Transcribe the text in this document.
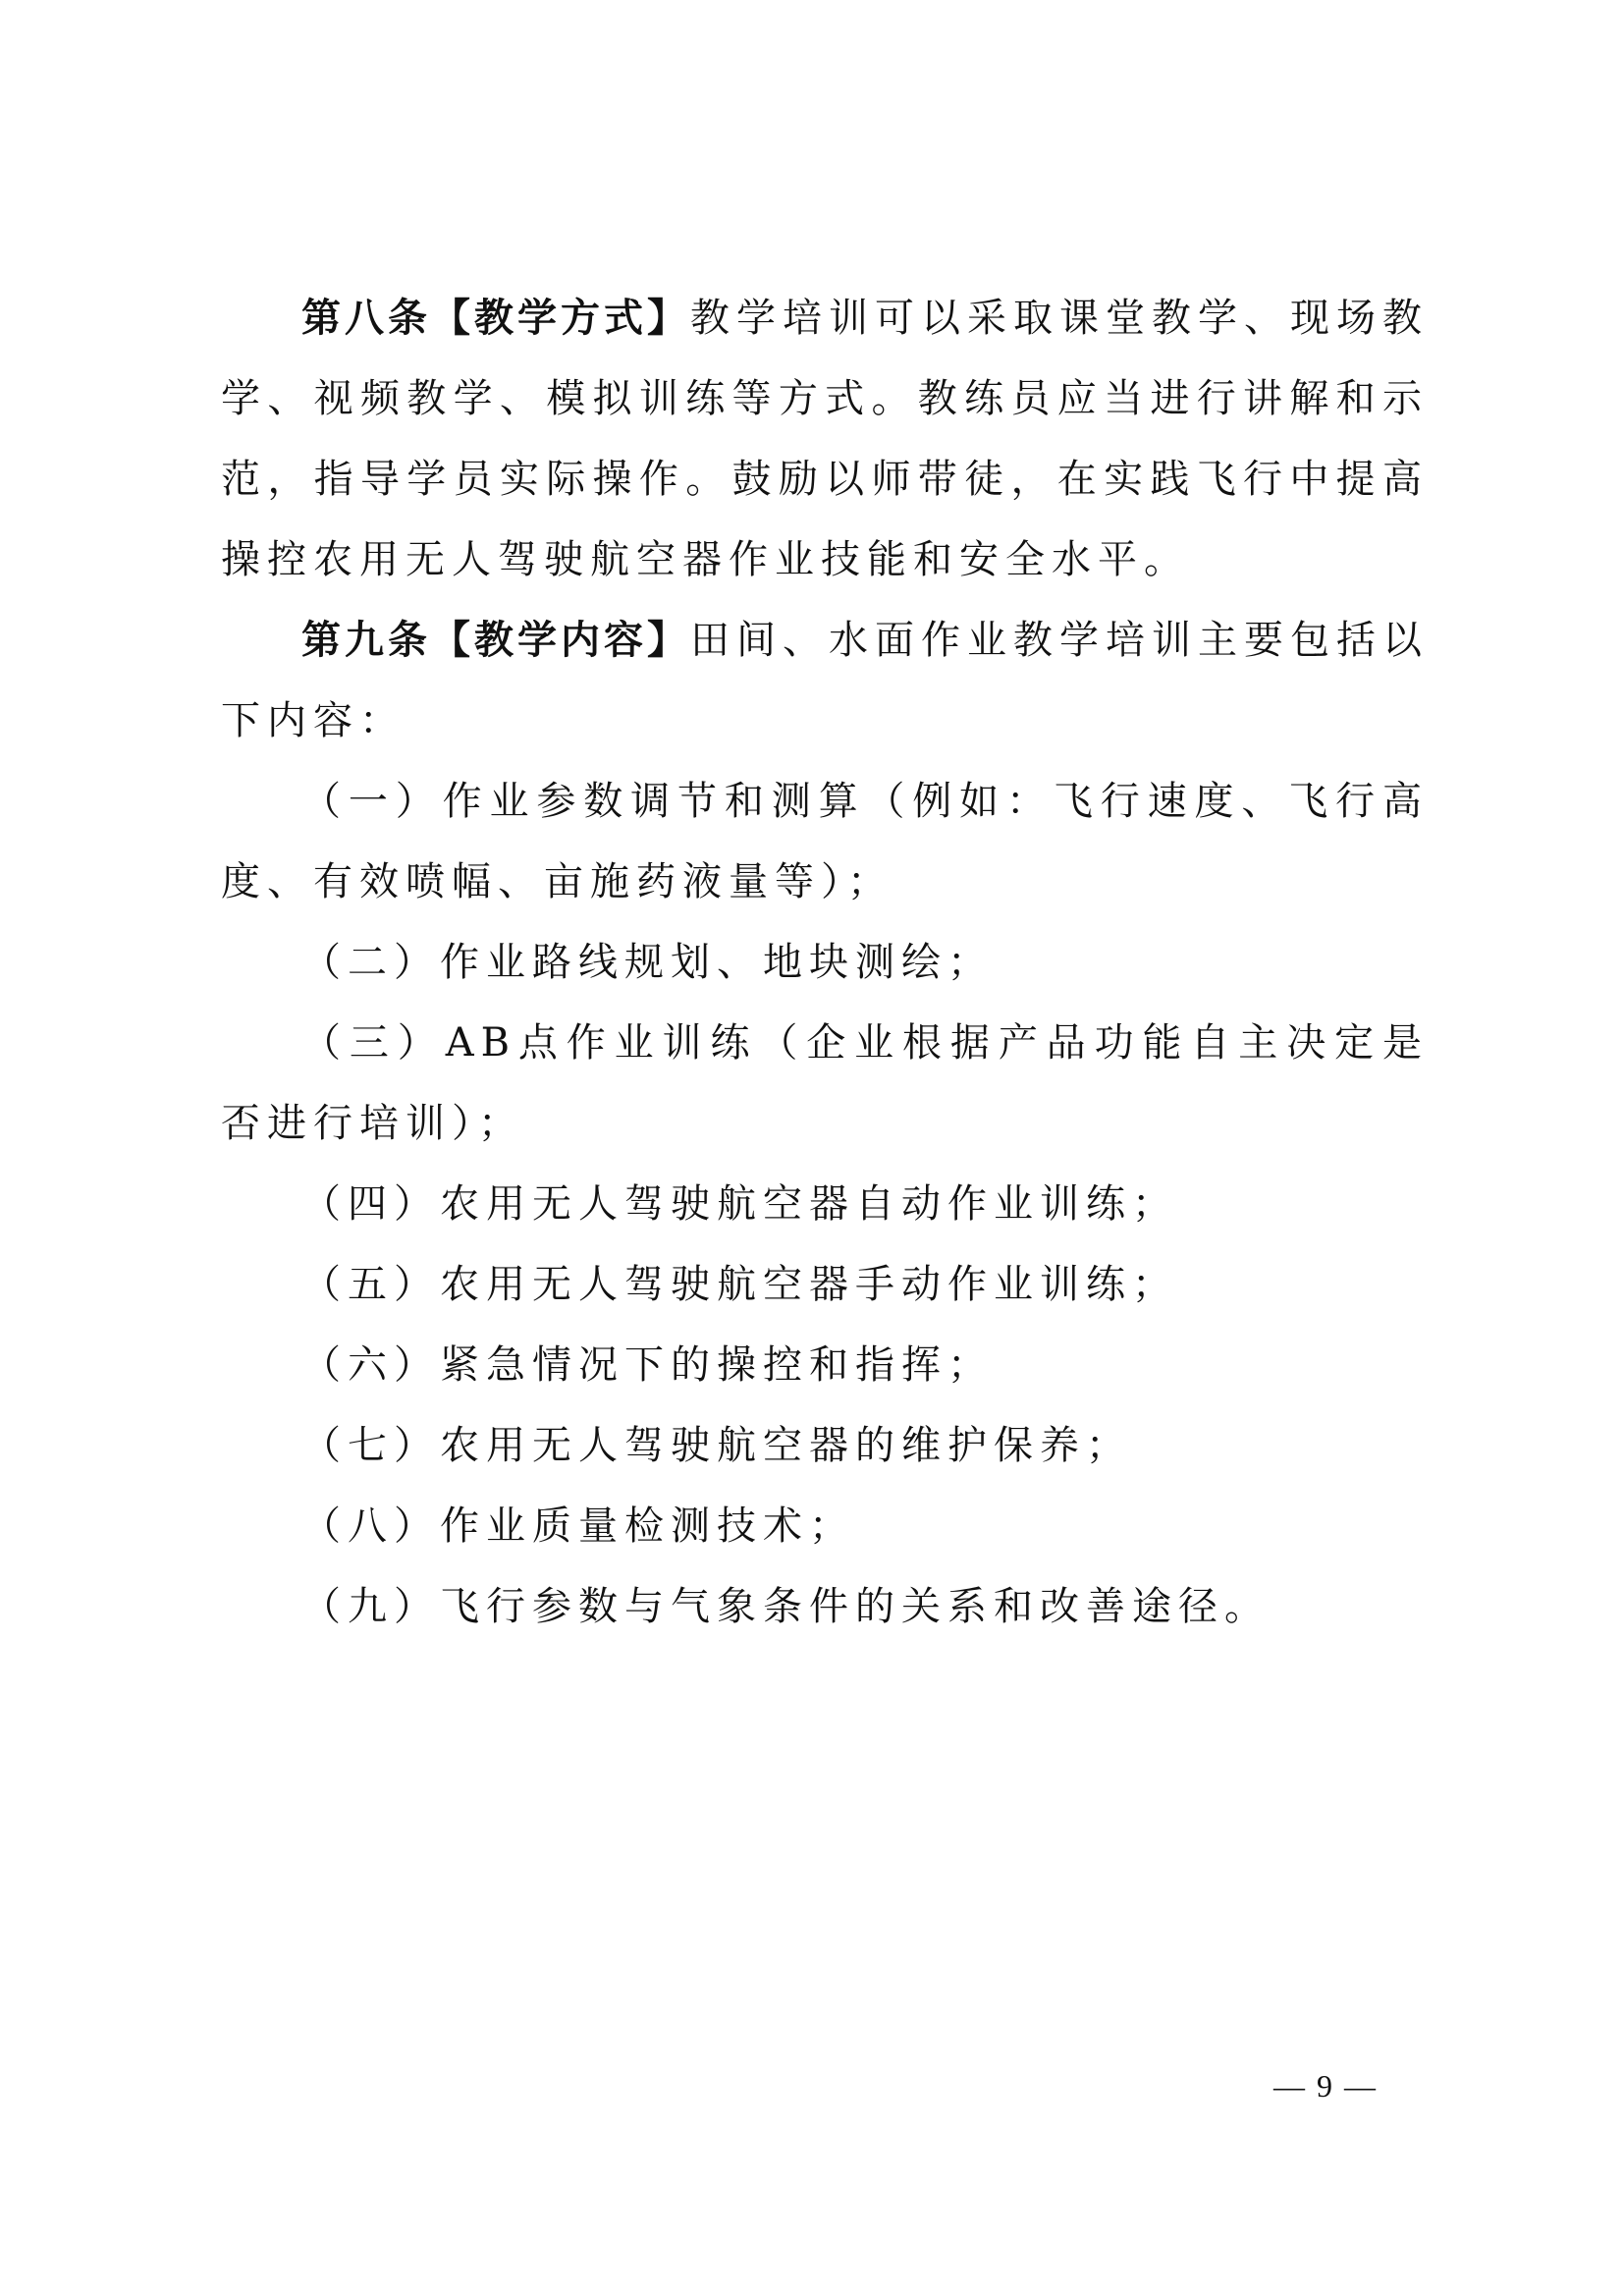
第八条【教学方式】教学培训可以采取课堂教学、现场教学、视频教学、模拟训练等方式。教练员应当进行讲解和示范，指导学员实际操作。鼓励以师带徒，在实践飞行中提高操控农用无人驾驶航空器作业技能和安全水平。

第九条【教学内容】田间、水面作业教学培训主要包括以下内容：

（一）作业参数调节和测算（例如：飞行速度、飞行高度、有效喷幅、亩施药液量等）；

（二）作业路线规划、地块测绘；

（三）AB点作业训练（企业根据产品功能自主决定是否进行培训）；

（四）农用无人驾驶航空器自动作业训练；

（五）农用无人驾驶航空器手动作业训练；

（六）紧急情况下的操控和指挥；

（七）农用无人驾驶航空器的维护保养；

（八）作业质量检测技术；

（九）飞行参数与气象条件的关系和改善途径。

— 9 —
